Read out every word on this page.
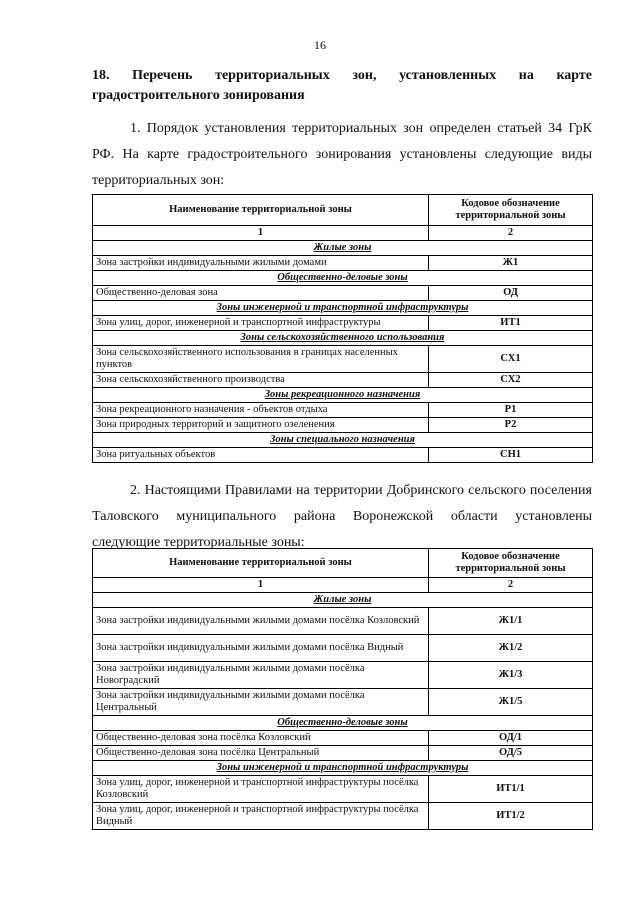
16
18. Перечень территориальных зон, установленных на карте градостроительного зонирования
1. Порядок установления территориальных зон определен статьей 34 ГрК РФ. На карте градостроительного зонирования установлены следующие виды территориальных зон:
Наименование территориальной зоны	Кодовое обозначение территориальной зоны
1	2
Жилые зоны	
Зона застройки индивидуальными жилыми домами	Ж1
Общественно-деловые зоны	
Общественно-деловая зона	ОД
Зоны инженерной и транспортной инфраструктуры	
Зона улиц, дорог, инженерной и транспортной инфраструктуры	ИТ1
Зоны сельскохозяйственного использования	
Зона сельскохозяйственного использования в границах населенных пунктов	СХ1
Зона сельскохозяйственного производства	СХ2
Зоны рекреационного назначения	
Зона рекреационного назначения - объектов отдыха	Р1
Зона природных территорий и защитного озеленения	Р2
Зоны специального назначения	
Зона ритуальных объектов	СН1
2. Настоящими Правилами на территории Добринского сельского поселения Таловского муниципального района Воронежской области установлены следующие территориальные зоны:
Наименование территориальной зоны	Кодовое обозначение территориальной зоны
1	2
Жилые зоны	
Зона застройки индивидуальными жилыми домами посёлка Козловский	Ж1/1
Зона застройки индивидуальными жилыми домами посёлка Видный	Ж1/2
Зона застройки индивидуальными жилыми домами посёлка Новоградский	Ж1/3
Зона застройки индивидуальными жилыми домами посёлка Центральный	Ж1/5
Общественно-деловые зоны	
Общественно-деловая зона посёлка Козловский	ОД/1
Общественно-деловая зона посёлка Центральный	ОД/5
Зоны инженерной и транспортной инфраструктуры	
Зона улиц, дорог, инженерной и транспортной инфраструктуры посёлка Козловский	ИТ1/1
Зона улиц, дорог, инженерной и транспортной инфраструктуры посёлка Видный	ИТ1/2
